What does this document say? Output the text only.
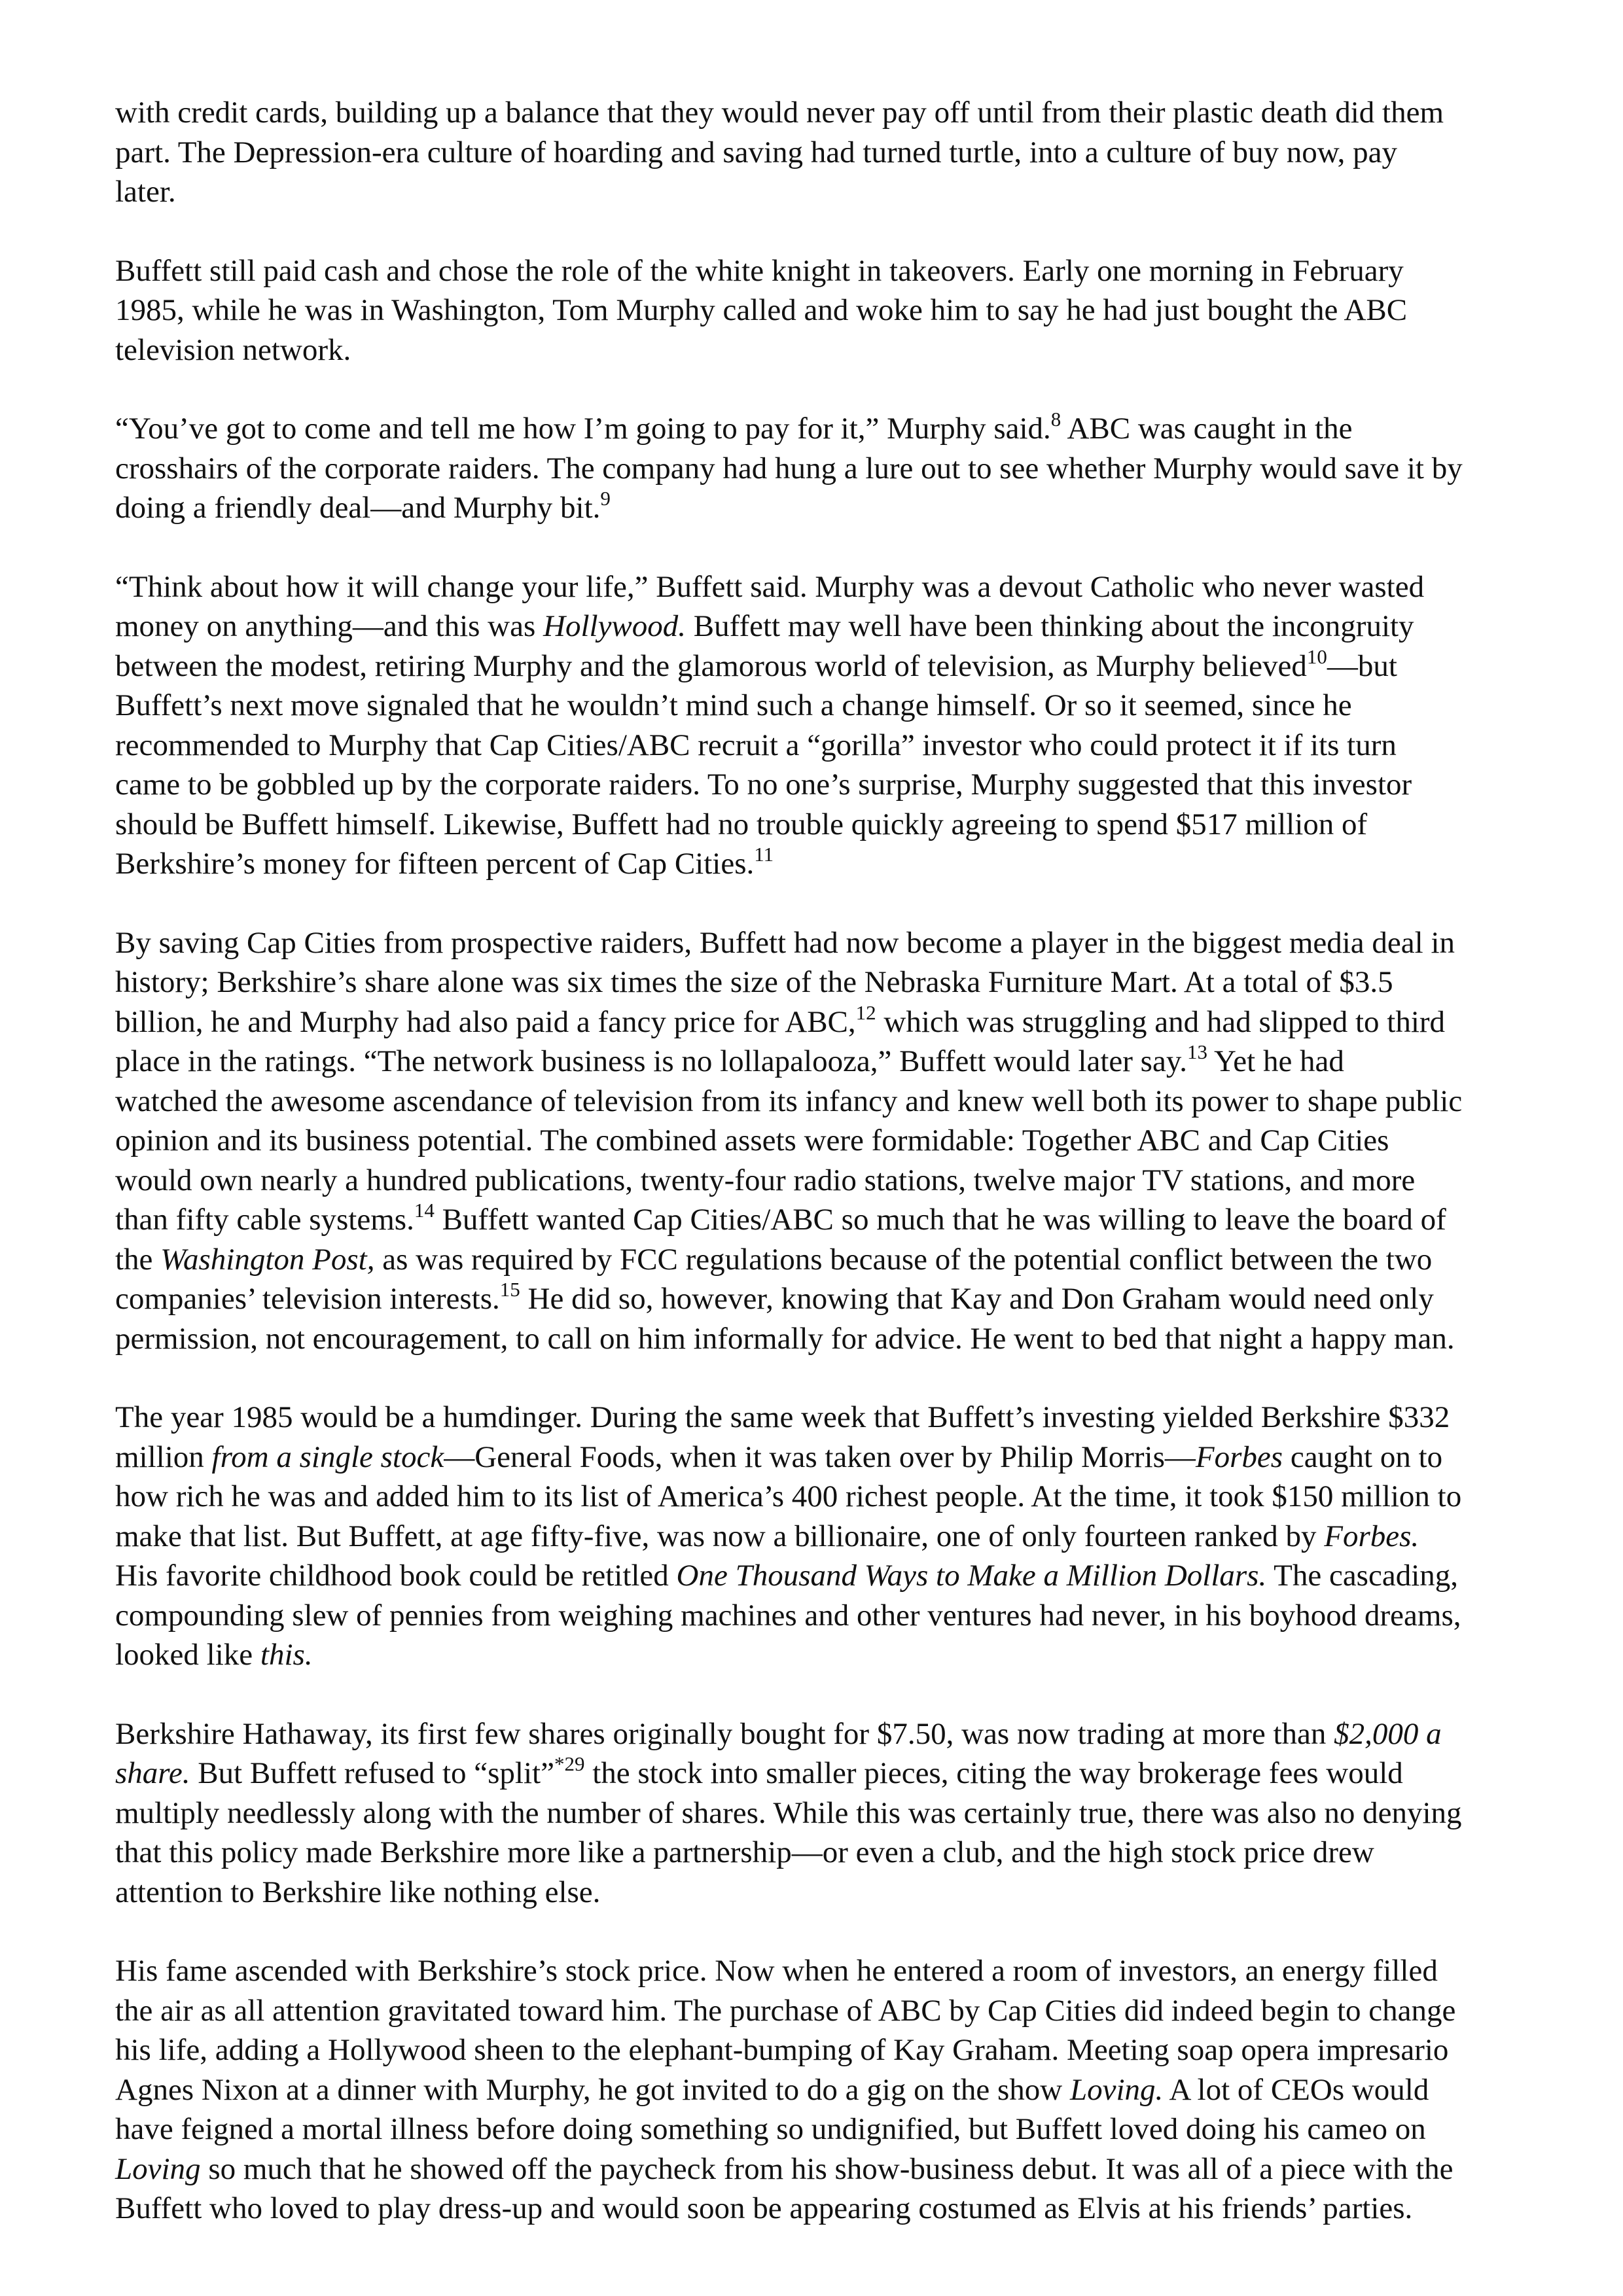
with credit cards, building up a balance that they would never pay off until from their plastic death did them
part. The Depression-era culture of hoarding and saving had turned turtle, into a culture of buy now, pay
later.

Buffett still paid cash and chose the role of the white knight in takeovers. Early one morning in February
1985, while he was in Washington, Tom Murphy called and woke him to say he had just bought the ABC
television network.

“You’ve got to come and tell me how I’m going to pay for it,” Murphy said.$^8$ ABC was caught in the
crosshairs of the corporate raiders. The company had hung a lure out to see whether Murphy would save it by
doing a friendly deal—and Murphy bit.$^9$

“Think about how it will change your life,” Buffett said. Murphy was a devout Catholic who never wasted
money on anything—and this was Hollywood. Buffett may well have been thinking about the incongruity
between the modest, retiring Murphy and the glamorous world of television, as Murphy believed$^{10}$—but
Buffett’s next move signaled that he wouldn’t mind such a change himself. Or so it seemed, since he
recommended to Murphy that Cap Cities/ABC recruit a “gorilla” investor who could protect it if its turn
came to be gobbled up by the corporate raiders. To no one’s surprise, Murphy suggested that this investor
should be Buffett himself. Likewise, Buffett had no trouble quickly agreeing to spend $517 million of
Berkshire’s money for fifteen percent of Cap Cities.$^{11}$

By saving Cap Cities from prospective raiders, Buffett had now become a player in the biggest media deal in
history; Berkshire’s share alone was six times the size of the Nebraska Furniture Mart. At a total of $3.5
billion, he and Murphy had also paid a fancy price for ABC,$^{12}$ which was struggling and had slipped to third
place in the ratings. “The network business is no lollapalooza,” Buffett would later say.$^{13}$ Yet he had
watched the awesome ascendance of television from its infancy and knew well both its power to shape public
opinion and its business potential. The combined assets were formidable: Together ABC and Cap Cities
would own nearly a hundred publications, twenty-four radio stations, twelve major TV stations, and more
than fifty cable systems.$^{14}$ Buffett wanted Cap Cities/ABC so much that he was willing to leave the board of
the Washington Post, as was required by FCC regulations because of the potential conflict between the two
companies’ television interests.$^{15}$ He did so, however, knowing that Kay and Don Graham would need only
permission, not encouragement, to call on him informally for advice. He went to bed that night a happy man.

The year 1985 would be a humdinger. During the same week that Buffett’s investing yielded Berkshire $332
million from a single stock—General Foods, when it was taken over by Philip Morris—Forbes caught on to
how rich he was and added him to its list of America’s 400 richest people. At the time, it took $150 million to
make that list. But Buffett, at age fifty-five, was now a billionaire, one of only fourteen ranked by Forbes.
His favorite childhood book could be retitled One Thousand Ways to Make a Million Dollars. The cascading,
compounding slew of pennies from weighing machines and other ventures had never, in his boyhood dreams,
looked like this.

Berkshire Hathaway, its first few shares originally bought for $7.50, was now trading at more than $2,000 a
share. But Buffett refused to “split”$^{*29}$ the stock into smaller pieces, citing the way brokerage fees would
multiply needlessly along with the number of shares. While this was certainly true, there was also no denying
that this policy made Berkshire more like a partnership—or even a club, and the high stock price drew
attention to Berkshire like nothing else.

His fame ascended with Berkshire’s stock price. Now when he entered a room of investors, an energy filled
the air as all attention gravitated toward him. The purchase of ABC by Cap Cities did indeed begin to change
his life, adding a Hollywood sheen to the elephant-bumping of Kay Graham. Meeting soap opera impresario
Agnes Nixon at a dinner with Murphy, he got invited to do a gig on the show Loving. A lot of CEOs would
have feigned a mortal illness before doing something so undignified, but Buffett loved doing his cameo on
Loving so much that he showed off the paycheck from his show-business debut. It was all of a piece with the
Buffett who loved to play dress-up and would soon be appearing costumed as Elvis at his friends’ parties.
